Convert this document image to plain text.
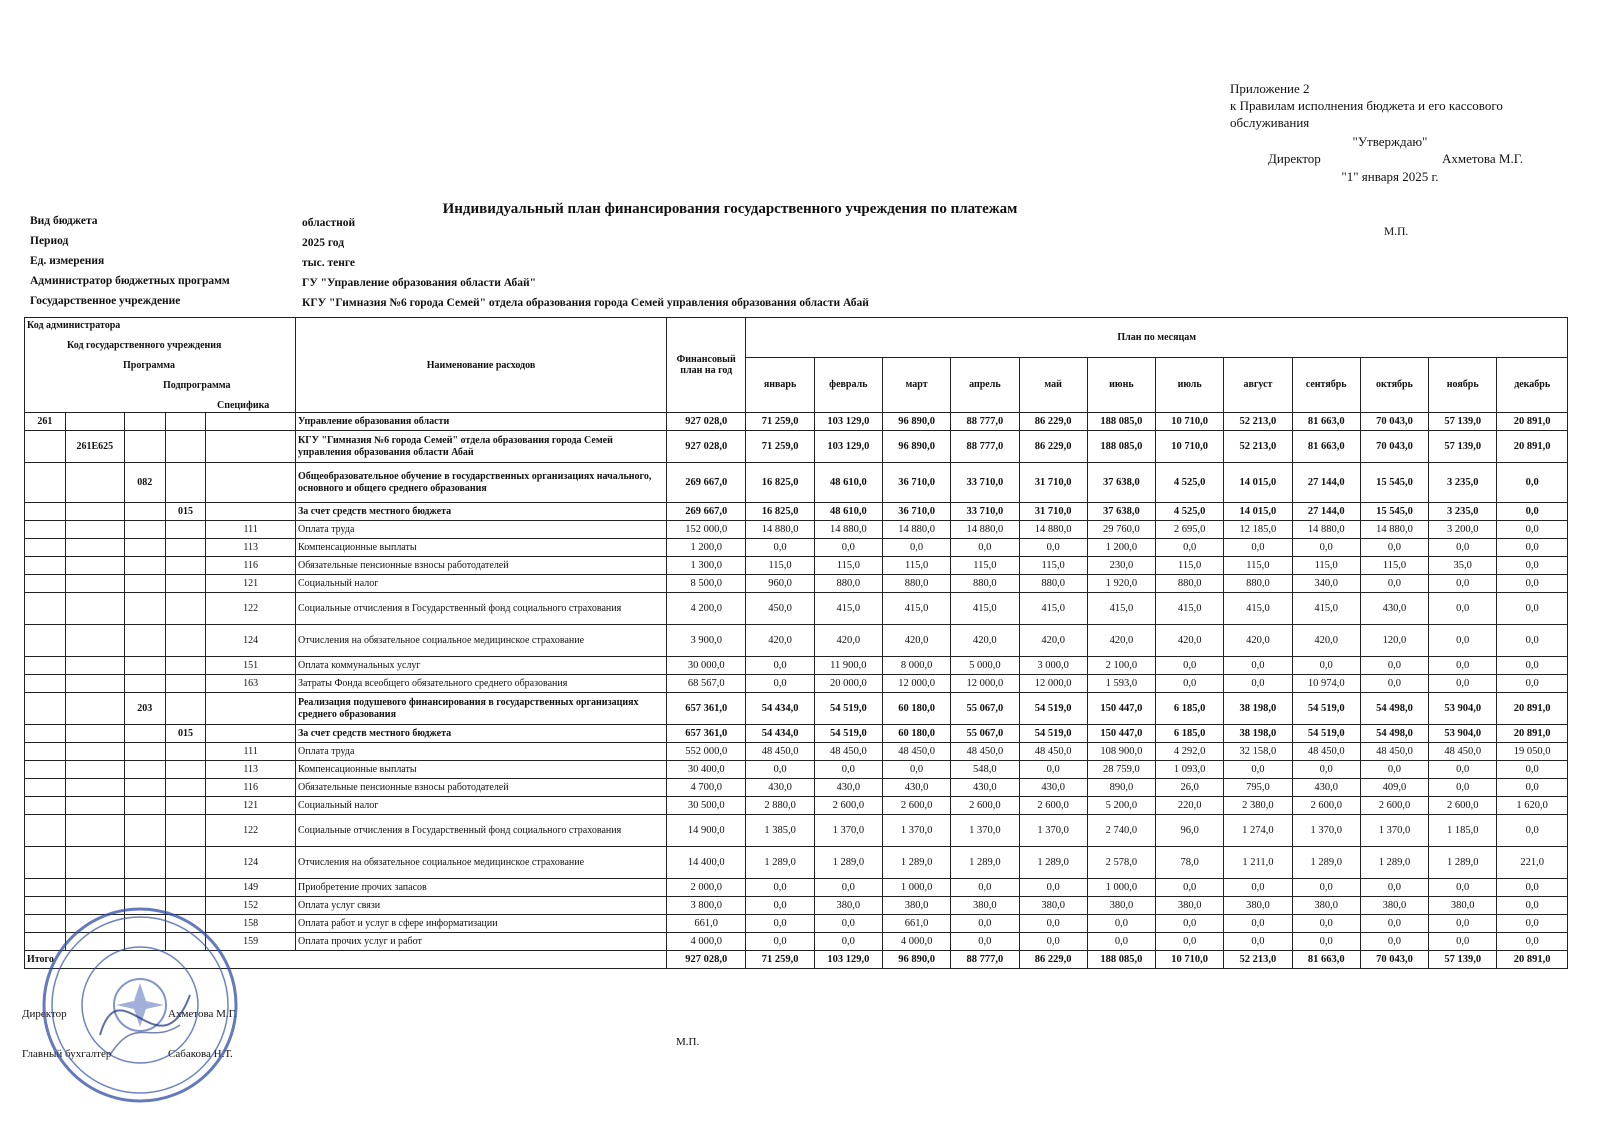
Приложение 2
к Правилам исполнения бюджета и его кассового обслуживания
"Утверждаю"
Директор	Ахметова М.Г.
"1" января 2025 г.
Индивидуальный план финансирования государственного учреждения по платежам
М.П.
Вид бюджета	областной
Период	2025 год
Ед. измерения	тыс. тенге
Администратор бюджетных программ	ГУ "Управление образования области Абай"
Государственное учреждение	КГУ "Гимназия №6 города Семей" отдела образования города Семей управления образования области Абай
Код администратора
Код государственного учреждения
Программа
Подпрограмма
Специфика					Наименование расходов	Финансовый план на год	План по месяцам											
							январь	февраль	март	апрель	май	июнь	июль	август	сентябрь	октябрь	ноябрь	декабрь
261					Управление образования области	927 028,0	71 259,0	103 129,0	96 890,0	88 777,0	86 229,0	188 085,0	10 710,0	52 213,0	81 663,0	70 043,0	57 139,0	20 891,0
	261Е625				КГУ "Гимназия №6 города Семей" отдела образования города Семей управления образования области Абай	927 028,0	71 259,0	103 129,0	96 890,0	88 777,0	86 229,0	188 085,0	10 710,0	52 213,0	81 663,0	70 043,0	57 139,0	20 891,0
		082			Общеобразовательное обучение в государственных организациях начального, основного и общего среднего образования	269 667,0	16 825,0	48 610,0	36 710,0	33 710,0	31 710,0	37 638,0	4 525,0	14 015,0	27 144,0	15 545,0	3 235,0	0,0
			015		За счет средств местного бюджета	269 667,0	16 825,0	48 610,0	36 710,0	33 710,0	31 710,0	37 638,0	4 525,0	14 015,0	27 144,0	15 545,0	3 235,0	0,0
				111	Оплата труда	152 000,0	14 880,0	14 880,0	14 880,0	14 880,0	14 880,0	29 760,0	2 695,0	12 185,0	14 880,0	14 880,0	3 200,0	0,0
				113	Компенсационные выплаты	1 200,0	0,0	0,0	0,0	0,0	0,0	1 200,0	0,0	0,0	0,0	0,0	0,0	0,0
				116	Обязательные пенсионные взносы работодателей	1 300,0	115,0	115,0	115,0	115,0	115,0	230,0	115,0	115,0	115,0	115,0	35,0	0,0
				121	Социальный налог	8 500,0	960,0	880,0	880,0	880,0	880,0	1 920,0	880,0	880,0	340,0	0,0	0,0	0,0
				122	Социальные отчисления в Государственный фонд социального страхования	4 200,0	450,0	415,0	415,0	415,0	415,0	415,0	415,0	415,0	415,0	430,0	0,0	0,0
				124	Отчисления на обязательное социальное медицинское страхование	3 900,0	420,0	420,0	420,0	420,0	420,0	420,0	420,0	420,0	420,0	120,0	0,0	0,0
				151	Оплата коммунальных услуг	30 000,0	0,0	11 900,0	8 000,0	5 000,0	3 000,0	2 100,0	0,0	0,0	0,0	0,0	0,0	0,0
				163	Затраты Фонда всеобщего обязательного среднего образования	68 567,0	0,0	20 000,0	12 000,0	12 000,0	12 000,0	1 593,0	0,0	0,0	10 974,0	0,0	0,0	0,0
		203			Реализация подушевого финансирования в государственных организациях среднего образования	657 361,0	54 434,0	54 519,0	60 180,0	55 067,0	54 519,0	150 447,0	6 185,0	38 198,0	54 519,0	54 498,0	53 904,0	20 891,0
			015		За счет средств местного бюджета	657 361,0	54 434,0	54 519,0	60 180,0	55 067,0	54 519,0	150 447,0	6 185,0	38 198,0	54 519,0	54 498,0	53 904,0	20 891,0
				111	Оплата труда	552 000,0	48 450,0	48 450,0	48 450,0	48 450,0	48 450,0	108 900,0	4 292,0	32 158,0	48 450,0	48 450,0	48 450,0	19 050,0
				113	Компенсационные выплаты	30 400,0	0,0	0,0	0,0	548,0	0,0	28 759,0	1 093,0	0,0	0,0	0,0	0,0	0,0
				116	Обязательные пенсионные взносы работодателей	4 700,0	430,0	430,0	430,0	430,0	430,0	890,0	26,0	795,0	430,0	409,0	0,0	0,0
				121	Социальный налог	30 500,0	2 880,0	2 600,0	2 600,0	2 600,0	2 600,0	5 200,0	220,0	2 380,0	2 600,0	2 600,0	2 600,0	1 620,0
				122	Социальные отчисления в Государственный фонд социального страхования	14 900,0	1 385,0	1 370,0	1 370,0	1 370,0	1 370,0	2 740,0	96,0	1 274,0	1 370,0	1 370,0	1 185,0	0,0
				124	Отчисления на обязательное социальное медицинское страхование	14 400,0	1 289,0	1 289,0	1 289,0	1 289,0	1 289,0	2 578,0	78,0	1 211,0	1 289,0	1 289,0	1 289,0	221,0
				149	Приобретение прочих запасов	2 000,0	0,0	0,0	1 000,0	0,0	0,0	1 000,0	0,0	0,0	0,0	0,0	0,0	0,0
				152	Оплата услуг связи	3 800,0	0,0	380,0	380,0	380,0	380,0	380,0	380,0	380,0	380,0	380,0	380,0	0,0
				158	Оплата работ и услуг в сфере информатизации	661,0	0,0	0,0	661,0	0,0	0,0	0,0	0,0	0,0	0,0	0,0	0,0	0,0
				159	Оплата прочих услуг и работ	4 000,0	0,0	0,0	4 000,0	0,0	0,0	0,0	0,0	0,0	0,0	0,0	0,0	0,0
Итого						927 028,0	71 259,0	103 129,0	96 890,0	88 777,0	86 229,0	188 085,0	10 710,0	52 213,0	81 663,0	70 043,0	57 139,0	20 891,0
Директор	Ахметова М.Г.
Главный бухгалтер	Сабакова Н.Т.
М.П.
